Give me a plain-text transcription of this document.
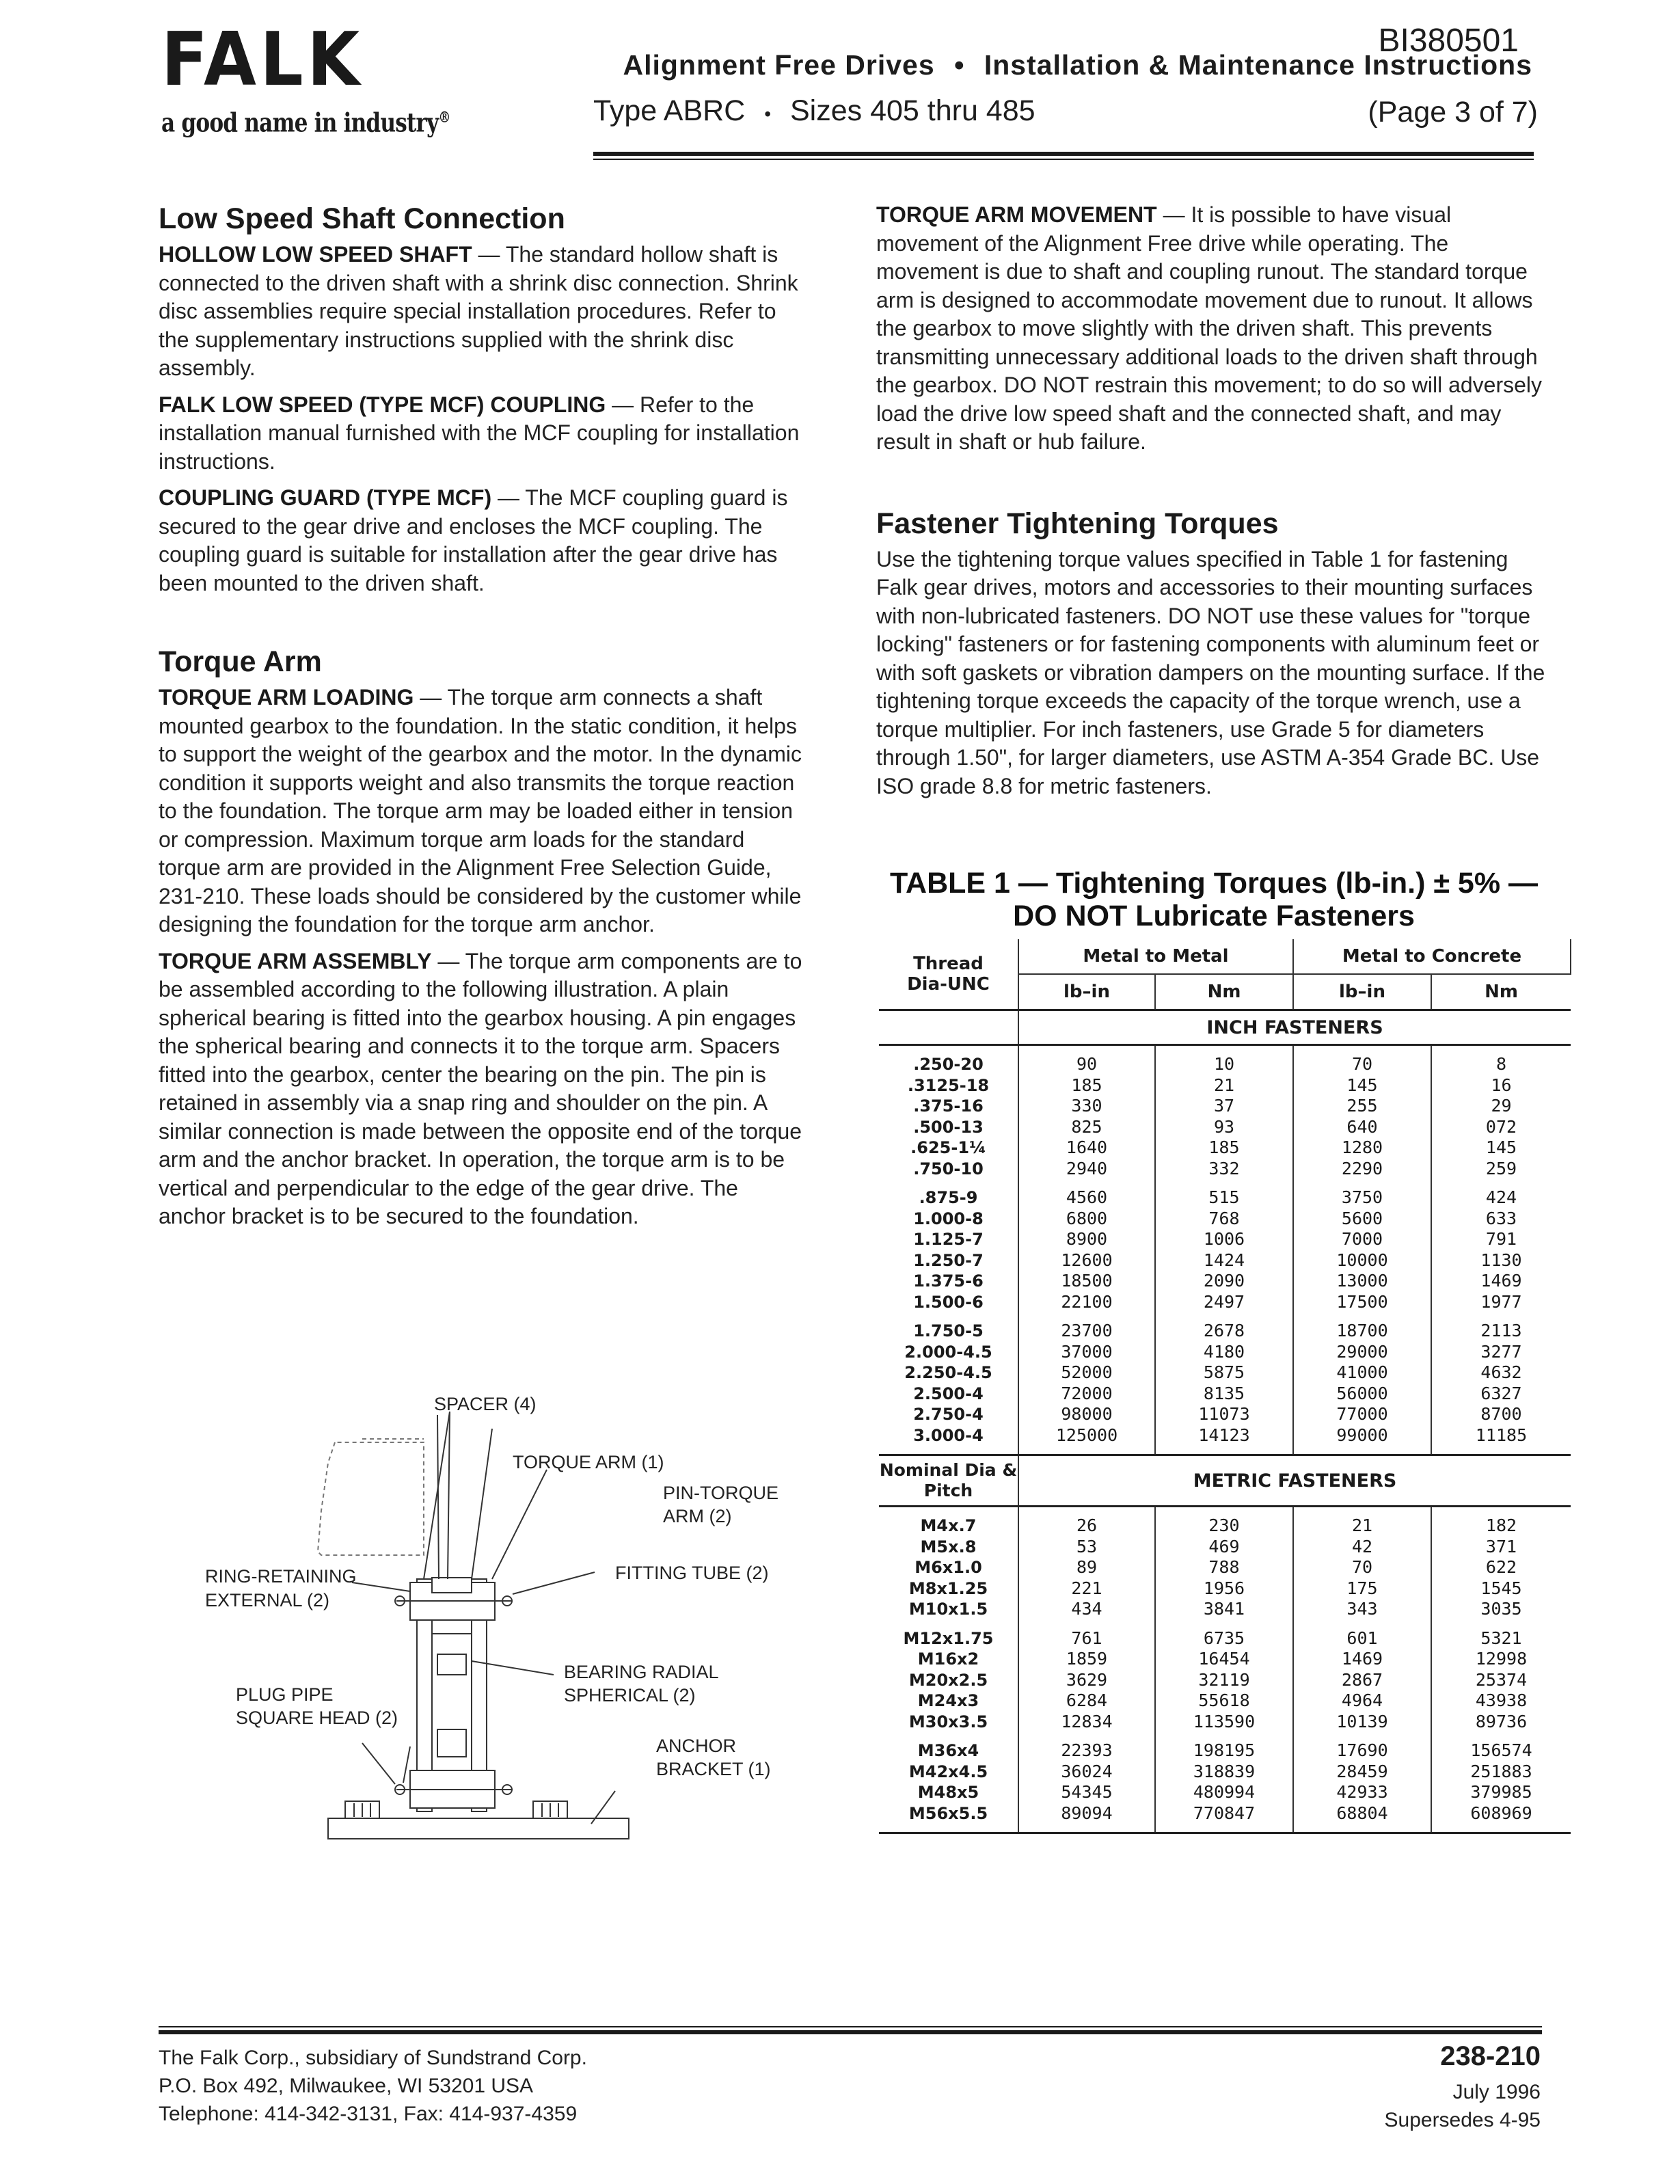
FALK
a good name in industry®
BI380501
Alignment Free Drives • Installation & Maintenance Instructions
Type ABRC • Sizes 405 thru 485	(Page 3 of 7)
Low Speed Shaft Connection

HOLLOW LOW SPEED SHAFT — The standard hollow shaft is connected to the driven shaft with a shrink disc connection. Shrink disc assemblies require special installation procedures. Refer to the supplementary instructions supplied with the shrink disc assembly.

FALK LOW SPEED (TYPE MCF) COUPLING — Refer to the installation manual furnished with the MCF coupling for installation instructions.

COUPLING GUARD (TYPE MCF) — The MCF coupling guard is secured to the gear drive and encloses the MCF coupling. The coupling guard is suitable for installation after the gear drive has been mounted to the driven shaft.

Torque Arm

TORQUE ARM LOADING — The torque arm connects a shaft mounted gearbox to the foundation. In the static condition, it helps to support the weight of the gearbox and the motor. In the dynamic condition it supports weight and also transmits the torque reaction to the foundation. The torque arm may be loaded either in tension or compression. Maximum torque arm loads for the standard torque arm are provided in the Alignment Free Selection Guide, 231-210. These loads should be considered by the customer while designing the foundation for the torque arm anchor.

TORQUE ARM ASSEMBLY — The torque arm components are to be assembled according to the following illustration. A plain spherical bearing is fitted into the gearbox housing. A pin engages the spherical bearing and connects it to the torque arm. Spacers fitted into the gearbox, center the bearing on the pin. The pin is retained in assembly via a snap ring and shoulder on the pin. A similar connection is made between the opposite end of the torque arm and the anchor bracket. In operation, the torque arm is to be vertical and perpendicular to the edge of the gear drive. The anchor bracket is to be secured to the foundation.

SPACER (4)
TORQUE ARM (1)
PIN-TORQUE
ARM (2)
RING-RETAINING
EXTERNAL (2)
FITTING TUBE (2)
BEARING RADIAL
SPHERICAL (2)
PLUG PIPE
SQUARE HEAD (2)
ANCHOR
BRACKET (1)

TORQUE ARM MOVEMENT — It is possible to have visual movement of the Alignment Free drive while operating. The movement is due to shaft and coupling runout. The standard torque arm is designed to accommodate movement due to runout. It allows the gearbox to move slightly with the driven shaft. This prevents transmitting unnecessary additional loads to the driven shaft through the gearbox. DO NOT restrain this movement; to do so will adversely load the drive low speed shaft and the connected shaft, and may result in shaft or hub failure.

Fastener Tightening Torques

Use the tightening torque values specified in Table 1 for fastening Falk gear drives, motors and accessories to their mounting surfaces with non-lubricated fasteners. DO NOT use these values for "torque locking" fasteners or for fastening components with aluminum feet or with soft gaskets or vibration dampers on the mounting surface. If the tightening torque exceeds the capacity of the torque wrench, use a torque multiplier. For inch fasteners, use Grade 5 for diameters through 1.50", for larger diameters, use ASTM A-354 Grade BC. Use ISO grade 8.8 for metric fasteners.

TABLE 1 — Tightening Torques (lb-in.) ± 5% —
DO NOT Lubricate Fasteners
Thread
Dia-UNC	Metal to Metal		Metal to Concrete	
	lb–in	Nm	lb–in	Nm
	INCH FASTENERS			

.250-20	90	10	70	8
.3125-18	185	21	145	16
.375-16	330	37	255	29
.500-13	825	93	640	072
.625-1¼	1640	185	1280	145
.750-10	2940	332	2290	259

.875-9	4560	515	3750	424
1.000-8	6800	768	5600	633
1.125-7	8900	1006	7000	791
1.250-7	12600	1424	10000	1130
1.375-6	18500	2090	13000	1469
1.500-6	22100	2497	17500	1977

1.750-5	23700	2678	18700	2113
2.000-4.5	37000	4180	29000	3277
2.250-4.5	52000	5875	41000	4632
2.500-4	72000	8135	56000	6327
2.750-4	98000	11073	77000	8700
3.000-4	125000	14123	99000	11185

Nominal Dia &
Pitch	METRIC FASTENERS			

M4x.7	26	230	21	182
M5x.8	53	469	42	371
M6x1.0	89	788	70	622
M8x1.25	221	1956	175	1545
M10x1.5	434	3841	343	3035

M12x1.75	761	6735	601	5321
M16x2	1859	16454	1469	12998
M20x2.5	3629	32119	2867	25374
M24x3	6284	55618	4964	43938
M30x3.5	12834	113590	10139	89736

M36x4	22393	198195	17690	156574
M42x4.5	36024	318839	28459	251883
M48x5	54345	480994	42933	379985
M56x5.5	89094	770847	68804	608969

The Falk Corp., subsidiary of Sundstrand Corp.
P.O. Box 492, Milwaukee, WI 53201 USA
Telephone: 414-342-3131, Fax: 414-937-4359
238-210
July 1996
Supersedes 4-95
